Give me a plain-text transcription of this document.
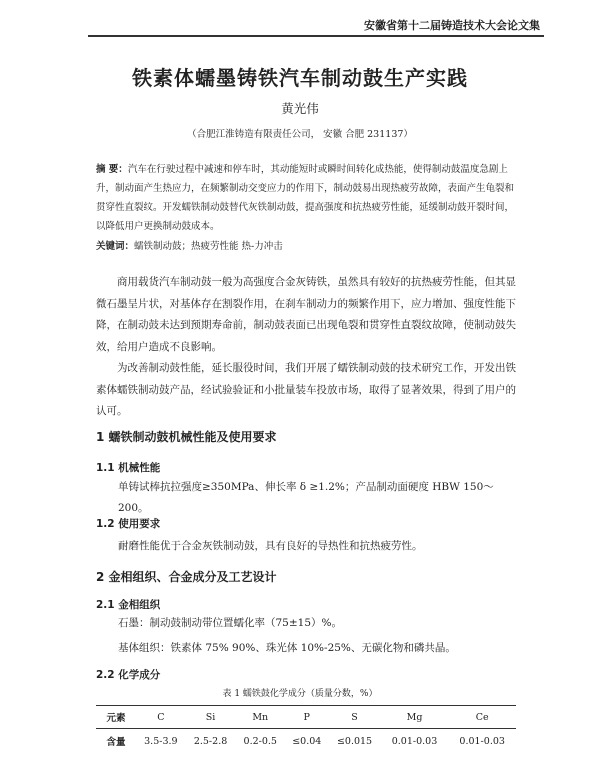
安徽省第十二届铸造技术大会论文集
铁素体蠕墨铸铁汽车制动鼓生产实践
黄光伟
（合肥江淮铸造有限责任公司， 安徽 合肥 231137）
摘 要：汽车在行驶过程中减速和停车时，其动能短时或瞬时间转化成热能，使得制动鼓温度急剧上升，制动面产生热应力，在频繁制动交变应力的作用下，制动鼓易出现热疲劳故障，表面产生龟裂和贯穿性直裂纹。开发蠕铁制动鼓替代灰铁制动鼓，提高强度和抗热疲劳性能，延缓制动鼓开裂时间，以降低用户更换制动鼓成本。
关键词：蠕铁制动鼓；热疲劳性能 热-力冲击
商用载货汽车制动鼓一般为高强度合金灰铸铁，虽然具有较好的抗热疲劳性能，但其显微石墨呈片状，对基体存在割裂作用，在刹车制动力的频繁作用下，应力增加、强度性能下降，在制动鼓未达到预期寿命前，制动鼓表面已出现龟裂和贯穿性直裂纹故障，使制动鼓失效，给用户造成不良影响。
为改善制动鼓性能，延长服役时间，我们开展了蠕铁制动鼓的技术研究工作，开发出铁素体蠕铁制动鼓产品，经试验验证和小批量装车投放市场，取得了显著效果，得到了用户的认可。
1 蠕铁制动鼓机械性能及使用要求
1.1 机械性能
单铸试棒抗拉强度≥350MPa、伸长率 δ ≥1.2%；产品制动面硬度 HBW 150～200。
1.2 使用要求
耐磨性能优于合金灰铁制动鼓，具有良好的导热性和抗热疲劳性。
2 金相组织、合金成分及工艺设计
2.1 金相组织
石墨：制动鼓制动带位置蠕化率（75±15）%。
基体组织：铁素体 75% 90%、珠光体 10%-25%、无碳化物和磷共晶。
2.2 化学成分
表 1 蠕铁鼓化学成分（质量分数，%）
元素	C	Si	Mn	P	S	Mg	Ce
含量	3.5-3.9	2.5-2.8	0.2-0.5	≤0.04	≤0.015	0.01-0.03	0.01-0.03
